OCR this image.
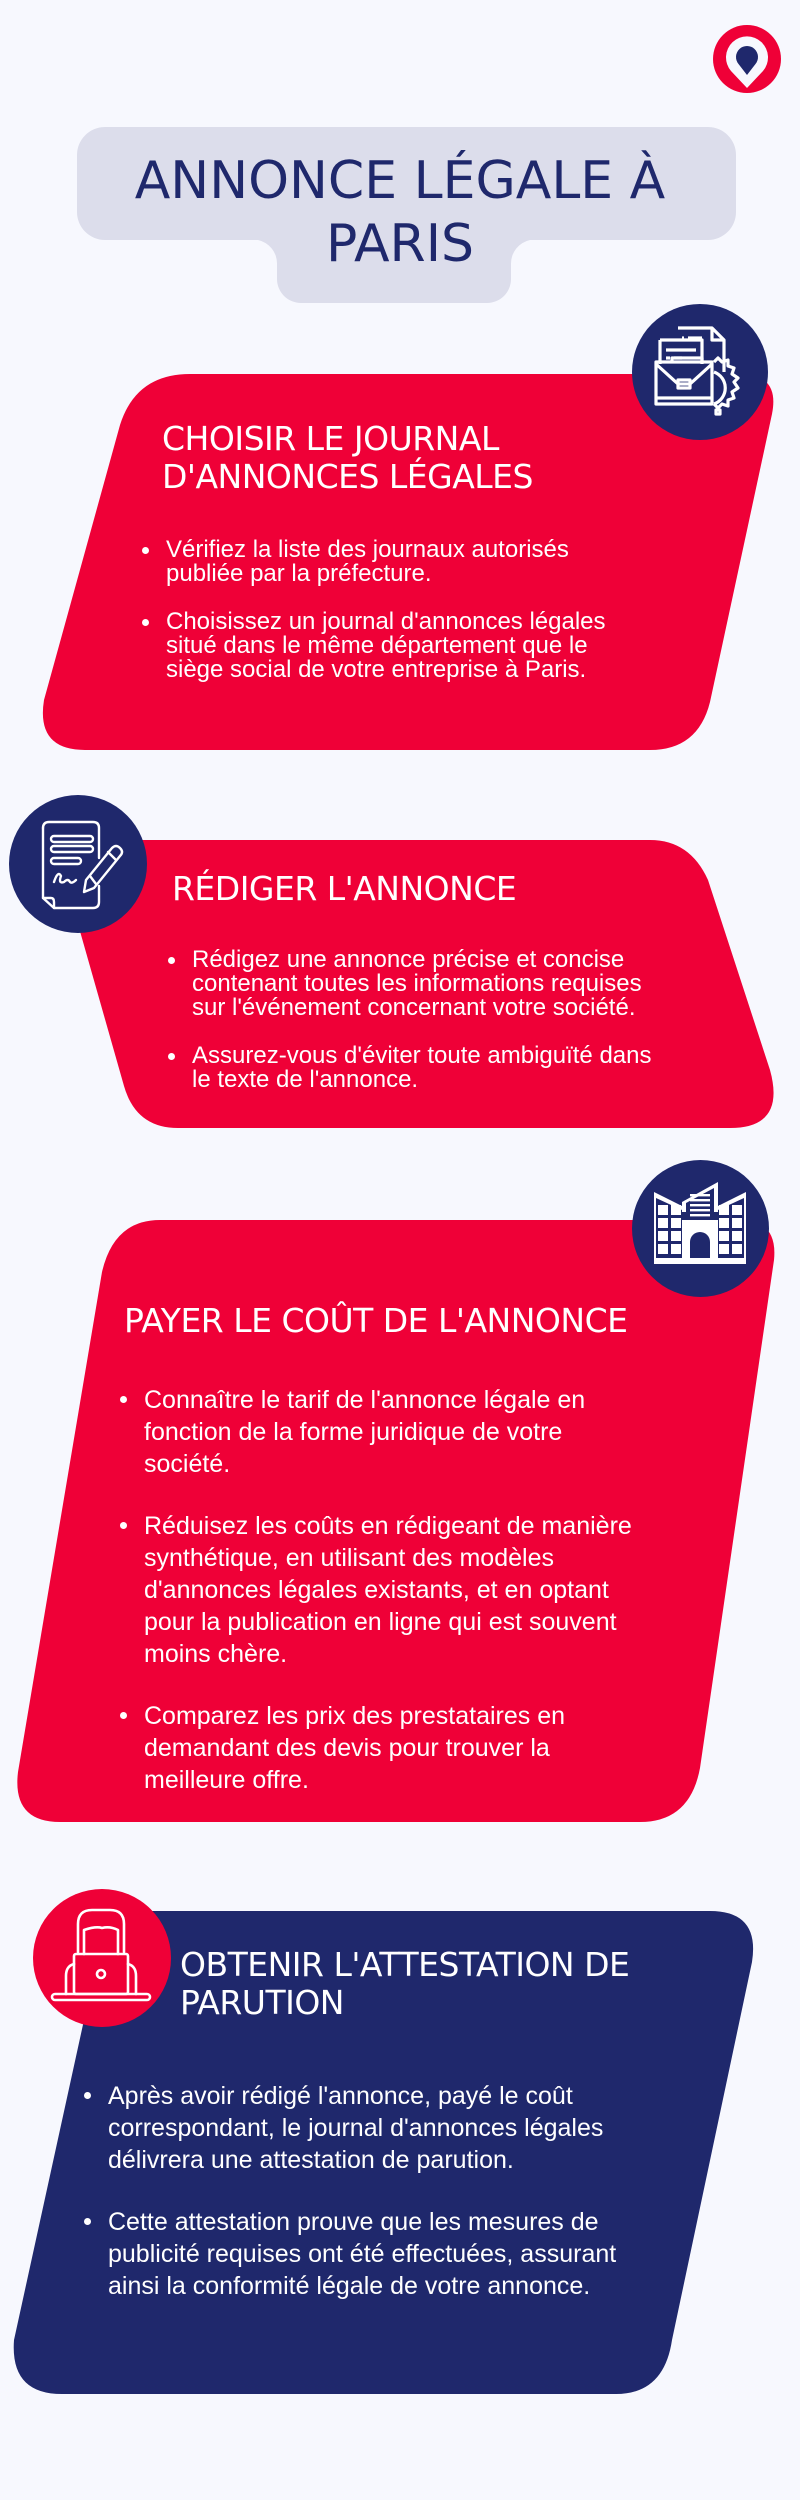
ANNONCE LÉGALE À
PARIS
CHOISIR LE JOURNAL
D'ANNONCES LÉGALES
Vérifiez la liste des journaux autorisés
publiée par la préfecture.
Choisissez un journal d'annonces légales
situé dans le même département que le
siège social de votre entreprise à Paris.
RÉDIGER L'ANNONCE
Rédigez une annonce précise et concise
contenant toutes les informations requises
sur l'événement concernant votre société.
Assurez-vous d'éviter toute ambiguïté dans
le texte de l'annonce.
PAYER LE COÛT DE L'ANNONCE
Connaître le tarif de l'annonce légale en
fonction de la forme juridique de votre
société.
Réduisez les coûts en rédigeant de manière
synthétique, en utilisant des modèles
d'annonces légales existants, et en optant
pour la publication en ligne qui est souvent
moins chère.
Comparez les prix des prestataires en
demandant des devis pour trouver la
meilleure offre.
OBTENIR L'ATTESTATION DE
PARUTION
Après avoir rédigé l'annonce, payé le coût
correspondant, le journal d'annonces légales
délivrera une attestation de parution.
Cette attestation prouve que les mesures de
publicité requises ont été effectuées, assurant
ainsi la conformité légale de votre annonce.
